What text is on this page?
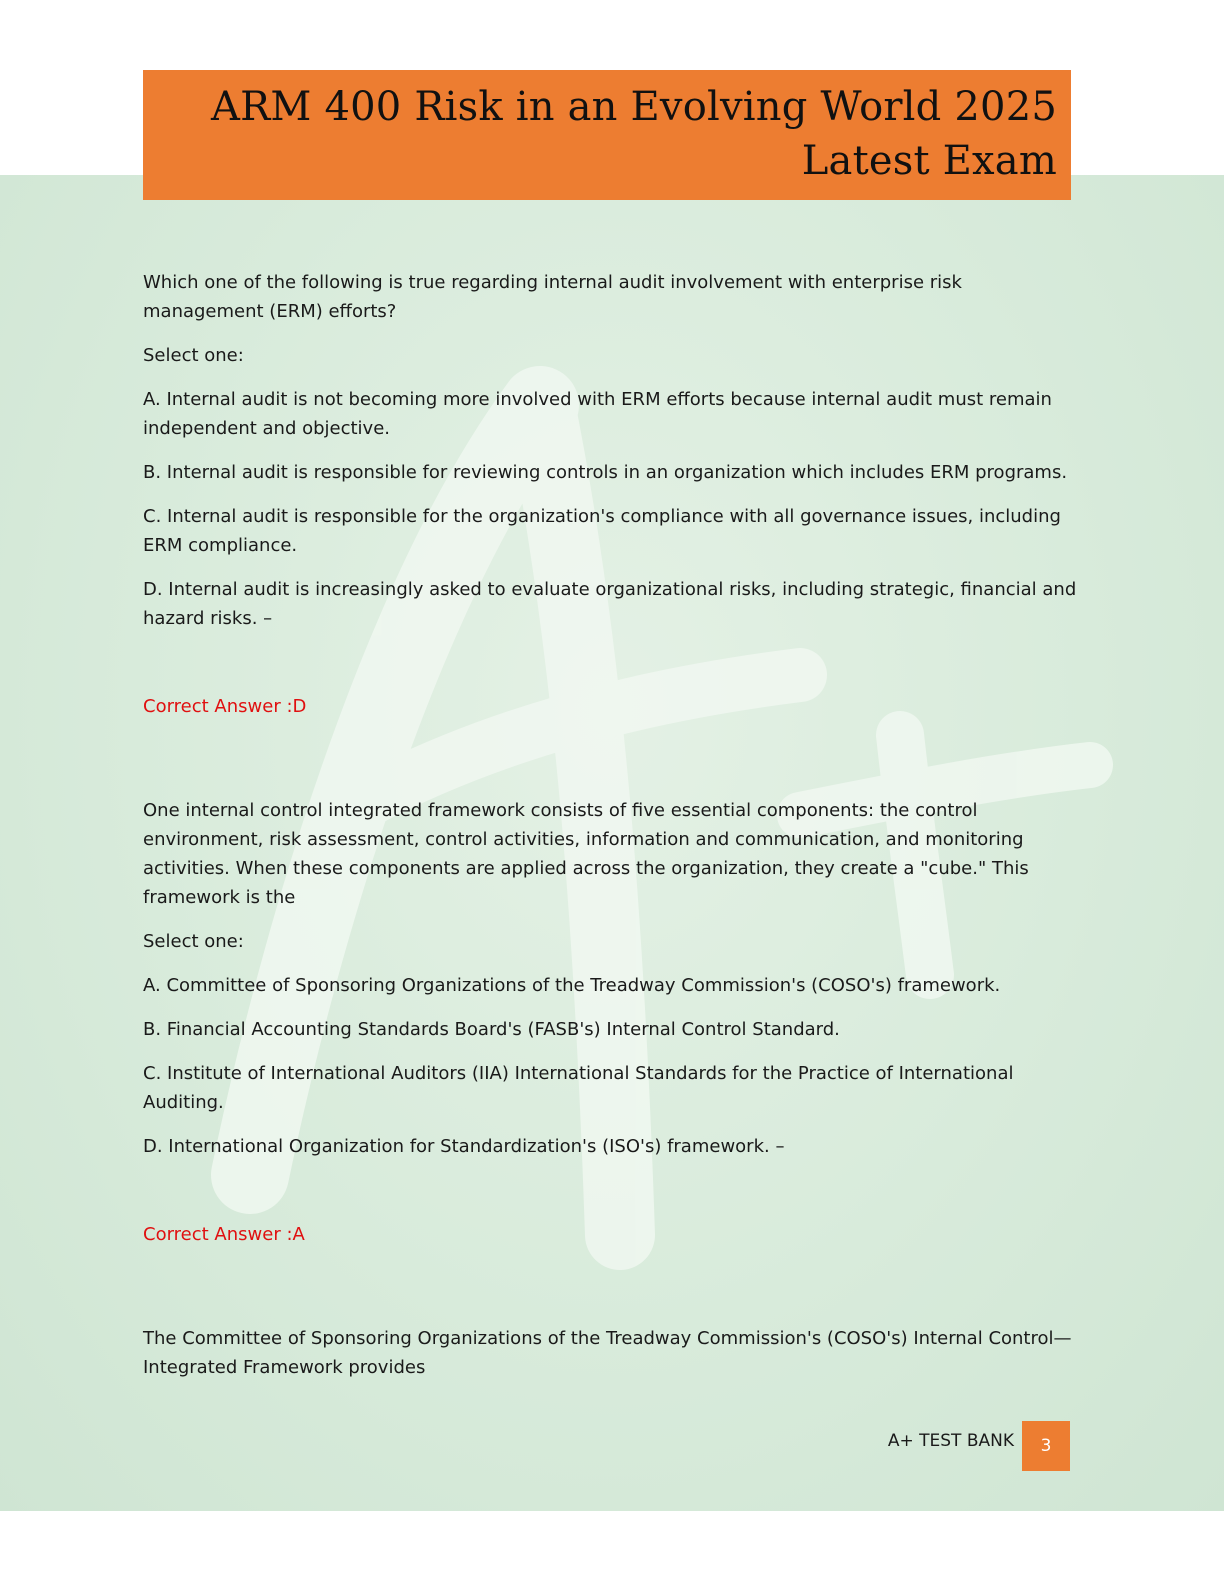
ARM 400 Risk in an Evolving World 2025
Latest Exam

Which one of the following is true regarding internal audit involvement with enterprise risk management (ERM) efforts?

Select one:

A. Internal audit is not becoming more involved with ERM efforts because internal audit must remain independent and objective.

B. Internal audit is responsible for reviewing controls in an organization which includes ERM programs.

C. Internal audit is responsible for the organization's compliance with all governance issues, including ERM compliance.

D. Internal audit is increasingly asked to evaluate organizational risks, including strategic, financial and hazard risks. –

Correct Answer :D

One internal control integrated framework consists of five essential components: the control environment, risk assessment, control activities, information and communication, and monitoring activities. When these components are applied across the organization, they create a "cube." This framework is the

Select one:

A. Committee of Sponsoring Organizations of the Treadway Commission's (COSO's) framework.

B. Financial Accounting Standards Board's (FASB's) Internal Control Standard.

C. Institute of International Auditors (IIA) International Standards for the Practice of International Auditing.

D. International Organization for Standardization's (ISO's) framework. –

Correct Answer :A

The Committee of Sponsoring Organizations of the Treadway Commission's (COSO's) Internal Control—Integrated Framework provides

A+ TEST BANK	3
